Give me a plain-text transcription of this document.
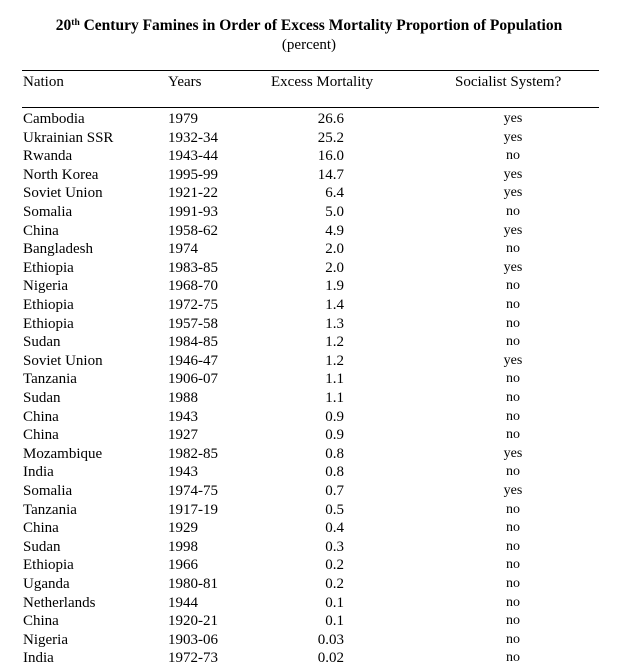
20th Century Famines in Order of Excess Mortality Proportion of Population
(percent)
Nation	Years	Excess Mortality	Socialist System?
Cambodia	1979	26.6	yes
Ukrainian SSR	1932-34	25.2	yes
Rwanda	1943-44	16.0	no
North Korea	1995-99	14.7	yes
Soviet Union	1921-22	6.4	yes
Somalia	1991-93	5.0	no
China	1958-62	4.9	yes
Bangladesh	1974	2.0	no
Ethiopia	1983-85	2.0	yes
Nigeria	1968-70	1.9	no
Ethiopia	1972-75	1.4	no
Ethiopia	1957-58	1.3	no
Sudan	1984-85	1.2	no
Soviet Union	1946-47	1.2	yes
Tanzania	1906-07	1.1	no
Sudan	1988	1.1	no
China	1943	0.9	no
China	1927	0.9	no
Mozambique	1982-85	0.8	yes
India	1943	0.8	no
Somalia	1974-75	0.7	yes
Tanzania	1917-19	0.5	no
China	1929	0.4	no
Sudan	1998	0.3	no
Ethiopia	1966	0.2	no
Uganda	1980-81	0.2	no
Netherlands	1944	0.1	no
China	1920-21	0.1	no
Nigeria	1903-06	0.03	no
India	1972-73	0.02	no
